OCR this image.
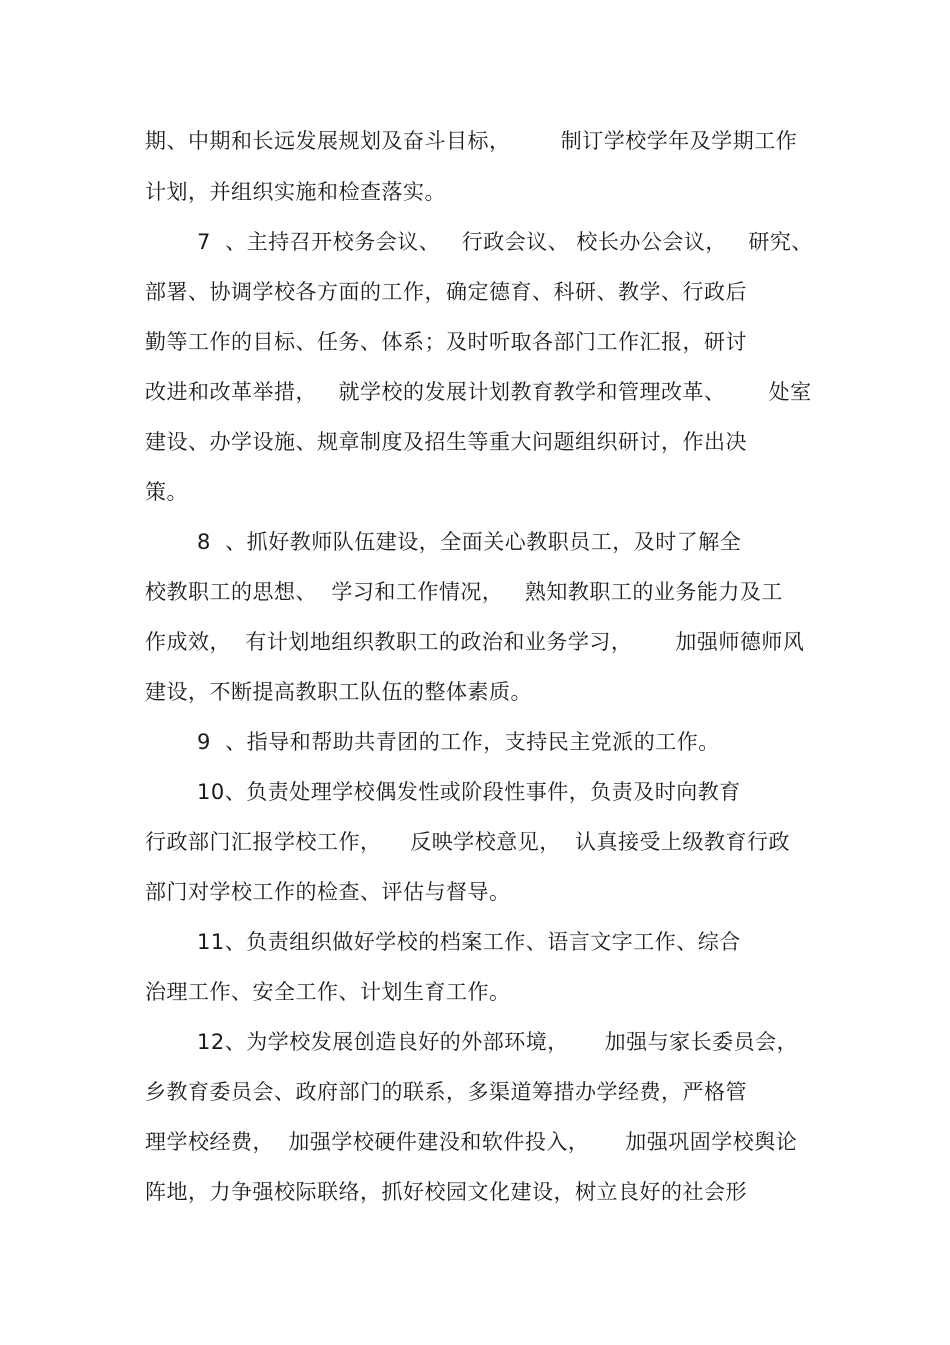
期、中期和长远发展规划及奋斗目标，       制订学校学年及学期工作
计划，并组织实施和检查落实。
7  、主持召开校务会议、   行政会议、 校长办公会议，   研究、
部署、协调学校各方面的工作，确定德育、科研、教学、行政后
勤等工作的目标、任务、体系；及时听取各部门工作汇报，研讨
改进和改革举措，   就学校的发展计划教育教学和管理改革、      处室
建设、办学设施、规章制度及招生等重大问题组织研讨，作出决
策。
8  、抓好教师队伍建设，全面关心教职员工，及时了解全
校教职工的思想、  学习和工作情况，   熟知教职工的业务能力及工
作成效，  有计划地组织教职工的政治和业务学习，      加强师德师风
建设，不断提高教职工队伍的整体素质。
9  、指导和帮助共青团的工作，支持民主党派的工作。
10、负责处理学校偶发性或阶段性事件，负责及时向教育
行政部门汇报学校工作，    反映学校意见，  认真接受上级教育行政
部门对学校工作的检查、评估与督导。
11、负责组织做好学校的档案工作、语言文字工作、综合
治理工作、安全工作、计划生育工作。
12、为学校发展创造良好的外部环境，     加强与家长委员会，
乡教育委员会、政府部门的联系，多渠道筹措办学经费，严格管
理学校经费，  加强学校硬件建没和软件投入，     加强巩固学校舆论
阵地，力争强校际联络，抓好校园文化建设，树立良好的社会形
